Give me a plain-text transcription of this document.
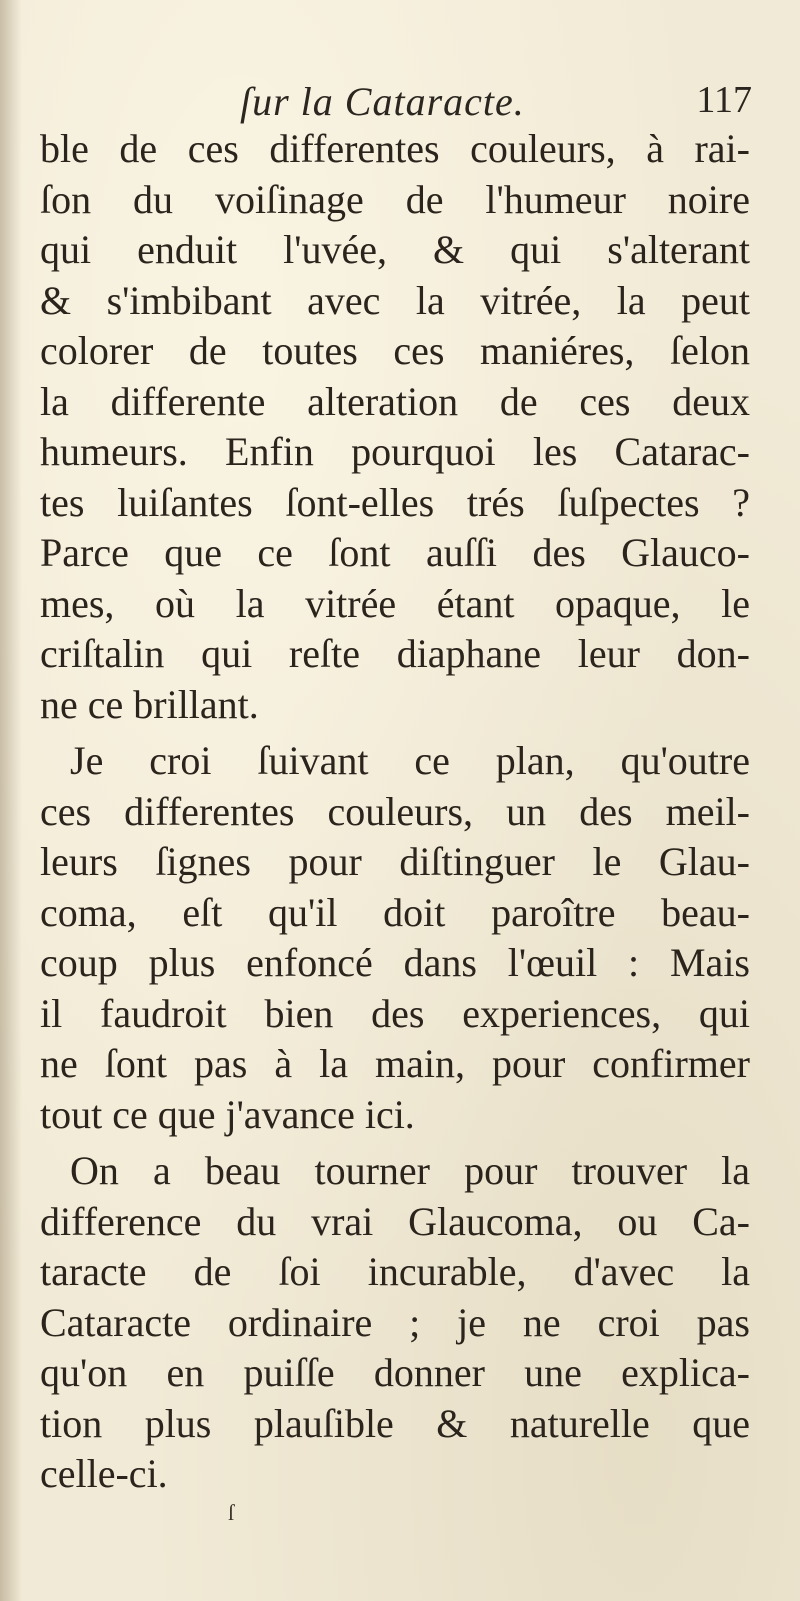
ſur la Cataracte.	117
ble de ces differentes couleurs, à rai-
ſon du voiſinage de l'humeur noire
qui enduit l'uvée, & qui s'alterant
& s'imbibant avec la vitrée, la peut
colorer de toutes ces maniéres, ſelon
la differente alteration de ces deux
humeurs. Enfin pourquoi les Catarac-
tes luiſantes ſont-elles trés ſuſpectes ?
Parce que ce ſont auſſi des Glauco-
mes, où la vitrée étant opaque, le
criſtalin qui reſte diaphane leur don-
ne ce brillant.
Je croi ſuivant ce plan, qu'outre
ces differentes couleurs, un des meil-
leurs ſignes pour diſtinguer le Glau-
coma, eſt qu'il doit paroître beau-
coup plus enfoncé dans l'œuil : Mais
il faudroit bien des experiences, qui
ne ſont pas à la main, pour confirmer
tout ce que j'avance ici.
On a beau tourner pour trouver la
difference du vrai Glaucoma, ou Ca-
taracte de ſoi incurable, d'avec la
Cataracte ordinaire ; je ne croi pas
qu'on en puiſſe donner une explica-
tion plus plauſible & naturelle que
celle-ci.
ſ
